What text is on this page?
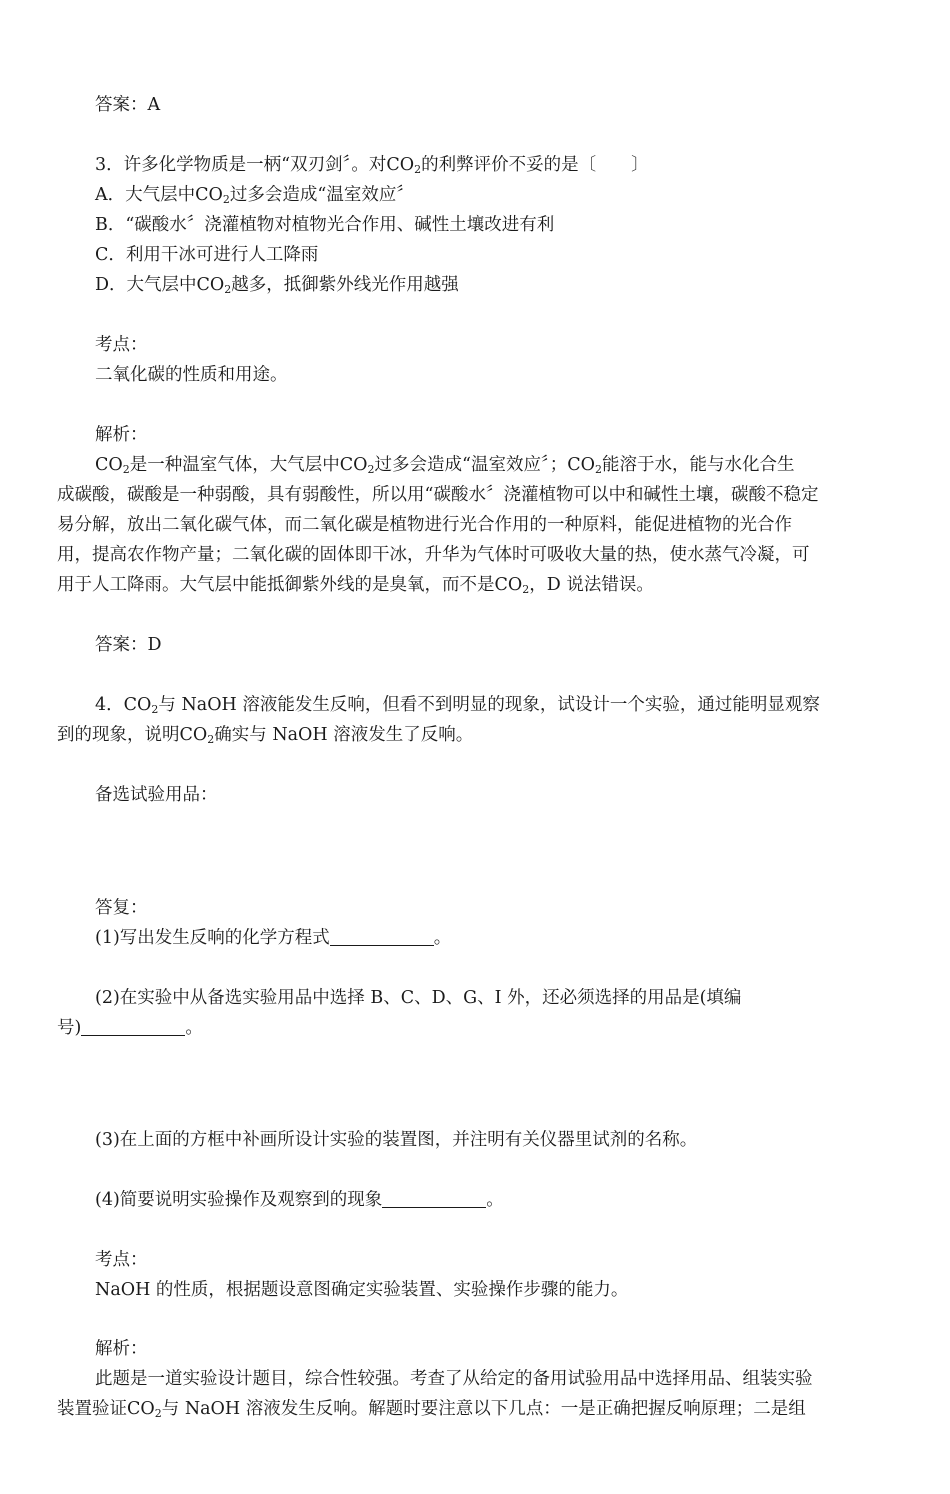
答案：A
3．许多化学物质是一柄“双刃剑〞。对$CO_2$的利弊评价不妥的是〔　　〕
A．大气层中$CO_2$过多会造成“温室效应〞
B．“碳酸水〞浇灌植物对植物光合作用、碱性土壤改进有利
C．利用干冰可进行人工降雨
D．大气层中$CO_2$越多，抵御紫外线光作用越强
考点：
二氧化碳的性质和用途。
解析：
$CO_2$是一种温室气体，大气层中$CO_2$过多会造成“温室效应〞；$CO_2$能溶于水，能与水化合生
成碳酸，碳酸是一种弱酸，具有弱酸性，所以用“碳酸水〞浇灌植物可以中和碱性土壤，碳酸不稳定
易分解，放出二氧化碳气体，而二氧化碳是植物进行光合作用的一种原料，能促进植物的光合作
用，提高农作物产量；二氧化碳的固体即干冰，升华为气体时可吸收大量的热，使水蒸气冷凝，可
用于人工降雨。大气层中能抵御紫外线的是臭氧，而不是$CO_2$，D 说法错误。
答案：D
4．$CO_2$与 NaOH 溶液能发生反响，但看不到明显的现象，试设计一个实验，通过能明显观察
到的现象，说明$CO_2$确实与 NaOH 溶液发生了反响。
备选试验用品：
答复：
(1)写出发生反响的化学方程式	。
(2)在实验中从备选实验用品中选择 B、C、D、G、I 外，还必须选择的用品是(填编
号)	。
(3)在上面的方框中补画所设计实验的装置图，并注明有关仪器里试剂的名称。
(4)简要说明实验操作及观察到的现象	。
考点：
NaOH 的性质，根据题设意图确定实验装置、实验操作步骤的能力。
解析：
此题是一道实验设计题目，综合性较强。考查了从给定的备用试验用品中选择用品、组装实验
装置验证$CO_2$与 NaOH 溶液发生反响。解题时要注意以下几点：一是正确把握反响原理；二是组
